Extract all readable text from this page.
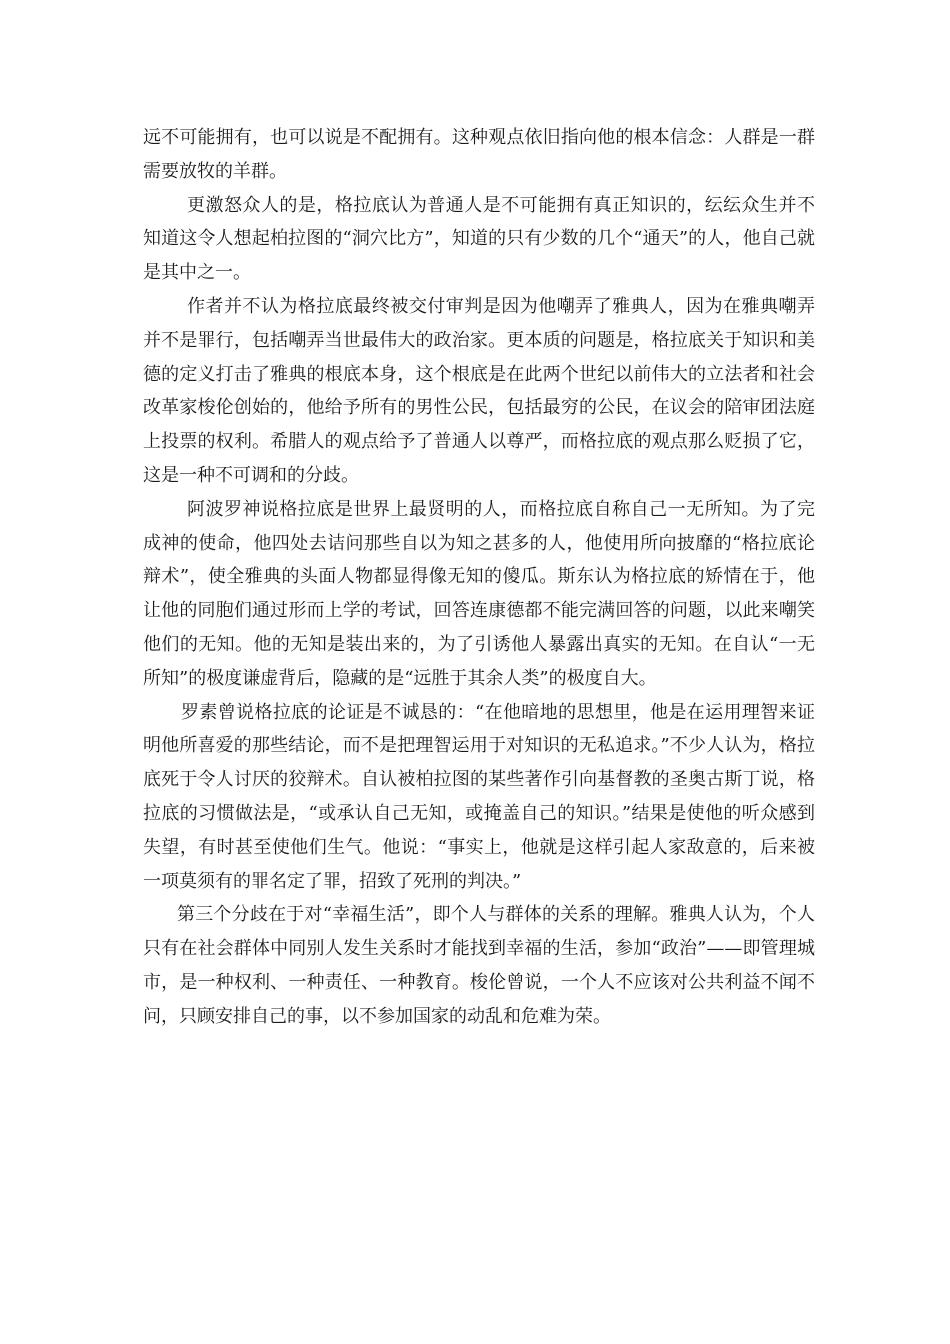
远不可能拥有，也可以说是不配拥有。这种观点依旧指向他的根本信念：人群是一群需要放牧的羊群。

更激怒众人的是，格拉底认为普通人是不可能拥有真正知识的，纭纭众生并不知道这令人想起柏拉图的“洞穴比方”，知道的只有少数的几个“通天”的人，他自己就是其中之一。

作者并不认为格拉底最终被交付审判是因为他嘲弄了雅典人，因为在雅典嘲弄并不是罪行，包括嘲弄当世最伟大的政治家。更本质的问题是，格拉底关于知识和美德的定义打击了雅典的根底本身，这个根底是在此两个世纪以前伟大的立法者和社会改革家梭伦创始的，他给予所有的男性公民，包括最穷的公民，在议会的陪审团法庭上投票的权利。希腊人的观点给予了普通人以尊严，而格拉底的观点那么贬损了它，这是一种不可调和的分歧。

阿波罗神说格拉底是世界上最贤明的人，而格拉底自称自己一无所知。为了完成神的使命，他四处去诘问那些自以为知之甚多的人，他使用所向披靡的“格拉底论辩术”，使全雅典的头面人物都显得像无知的傻瓜。斯东认为格拉底的矫情在于，他让他的同胞们通过形而上学的考试，回答连康德都不能完满回答的问题，以此来嘲笑他们的无知。他的无知是装出来的，为了引诱他人暴露出真实的无知。在自认“一无所知”的极度谦虚背后，隐藏的是“远胜于其余人类”的极度自大。

罗素曾说格拉底的论证是不诚恳的：“在他暗地的思想里，他是在运用理智来证明他所喜爱的那些结论，而不是把理智运用于对知识的无私追求。”不少人认为，格拉底死于令人讨厌的狡辩术。自认被柏拉图的某些著作引向基督教的圣奥古斯丁说，格拉底的习惯做法是，“或承认自己无知，或掩盖自己的知识。”结果是使他的听众感到失望，有时甚至使他们生气。他说：“事实上，他就是这样引起人家敌意的，后来被一项莫须有的罪名定了罪，招致了死刑的判决。”

第三个分歧在于对“幸福生活”，即个人与群体的关系的理解。雅典人认为，个人只有在社会群体中同别人发生关系时才能找到幸福的生活，参加“政治”——即管理城市，是一种权利、一种责任、一种教育。梭伦曾说，一个人不应该对公共利益不闻不问，只顾安排自己的事，以不参加国家的动乱和危难为荣。
